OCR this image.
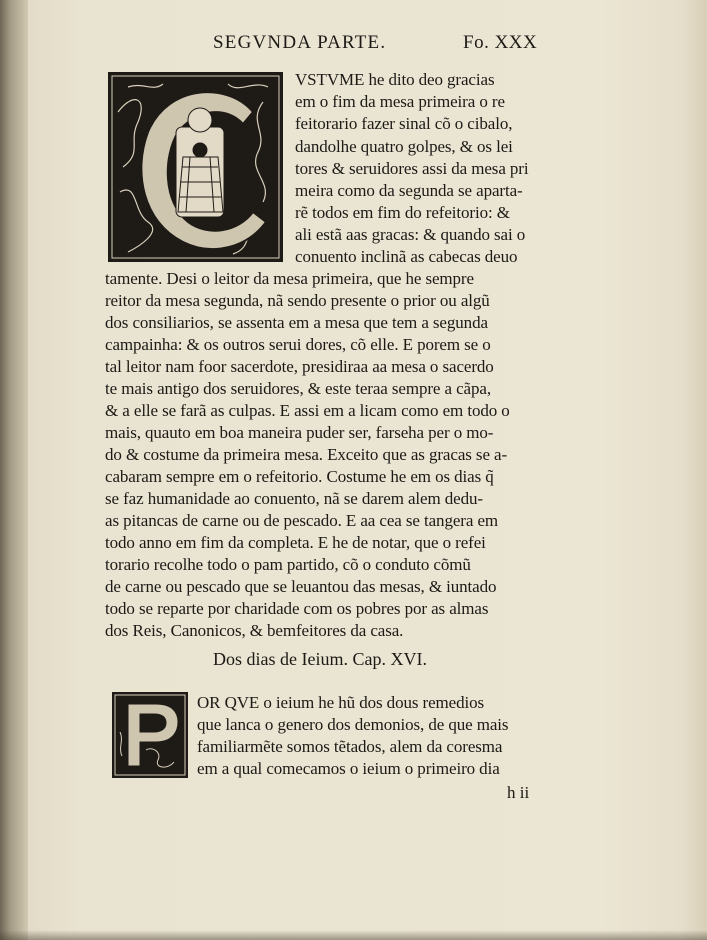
SEGVNDA PARTE.	Fo. XXX
VSTVME he dito deo gracias
em o fim da mesa primeira o re
feitorario fazer sinal cõ o cibalo,
dandolhe quatro golpes, & os lei
tores & seruidores assi da mesa pri
meira como da segunda se aparta-
rẽ todos em fim do refeitorio: &
ali estã aas gracas: & quando sai o
conuento inclinã as cabecas deuo
tamente. Desi o leitor da mesa primeira, que he sempre
reitor da mesa segunda, nã sendo presente o prior ou algũ
dos consiliarios, se assenta em a mesa que tem a segunda
campainha: & os outros serui dores, cõ elle. E porem se o
tal leitor nam foor sacerdote, presidiraa aa mesa o sacerdo
te mais antigo dos seruidores, & este teraa sempre a cãpa,
& a elle se farã as culpas. E assi em a licam como em todo o
mais, quauto em boa maneira puder ser, farseha per o mo-
do & costume da primeira mesa. Exceito que as gracas se a-
cabaram sempre em o refeitorio. Costume he em os dias q̃
se faz humanidade ao conuento, nã se darem alem dedu-
as pitancas de carne ou de pescado. E aa cea se tangera em
todo anno em fim da completa. E he de notar, que o refei
torario recolhe todo o pam partido, cõ o conduto cõmũ
de carne ou pescado que se leuantou das mesas, & iuntado
todo se reparte por charidade com os pobres por as almas
dos Reis, Canonicos, & bemfeitores da casa.
Dos dias de Ieium. Cap. XVI.
OR QVE o ieium he hũ dos dous remedios
que lanca o genero dos demonios, de que mais
familiarmẽte somos tẽtados, alem da coresma
em a qual comecamos o ieium o primeiro dia
h ii
